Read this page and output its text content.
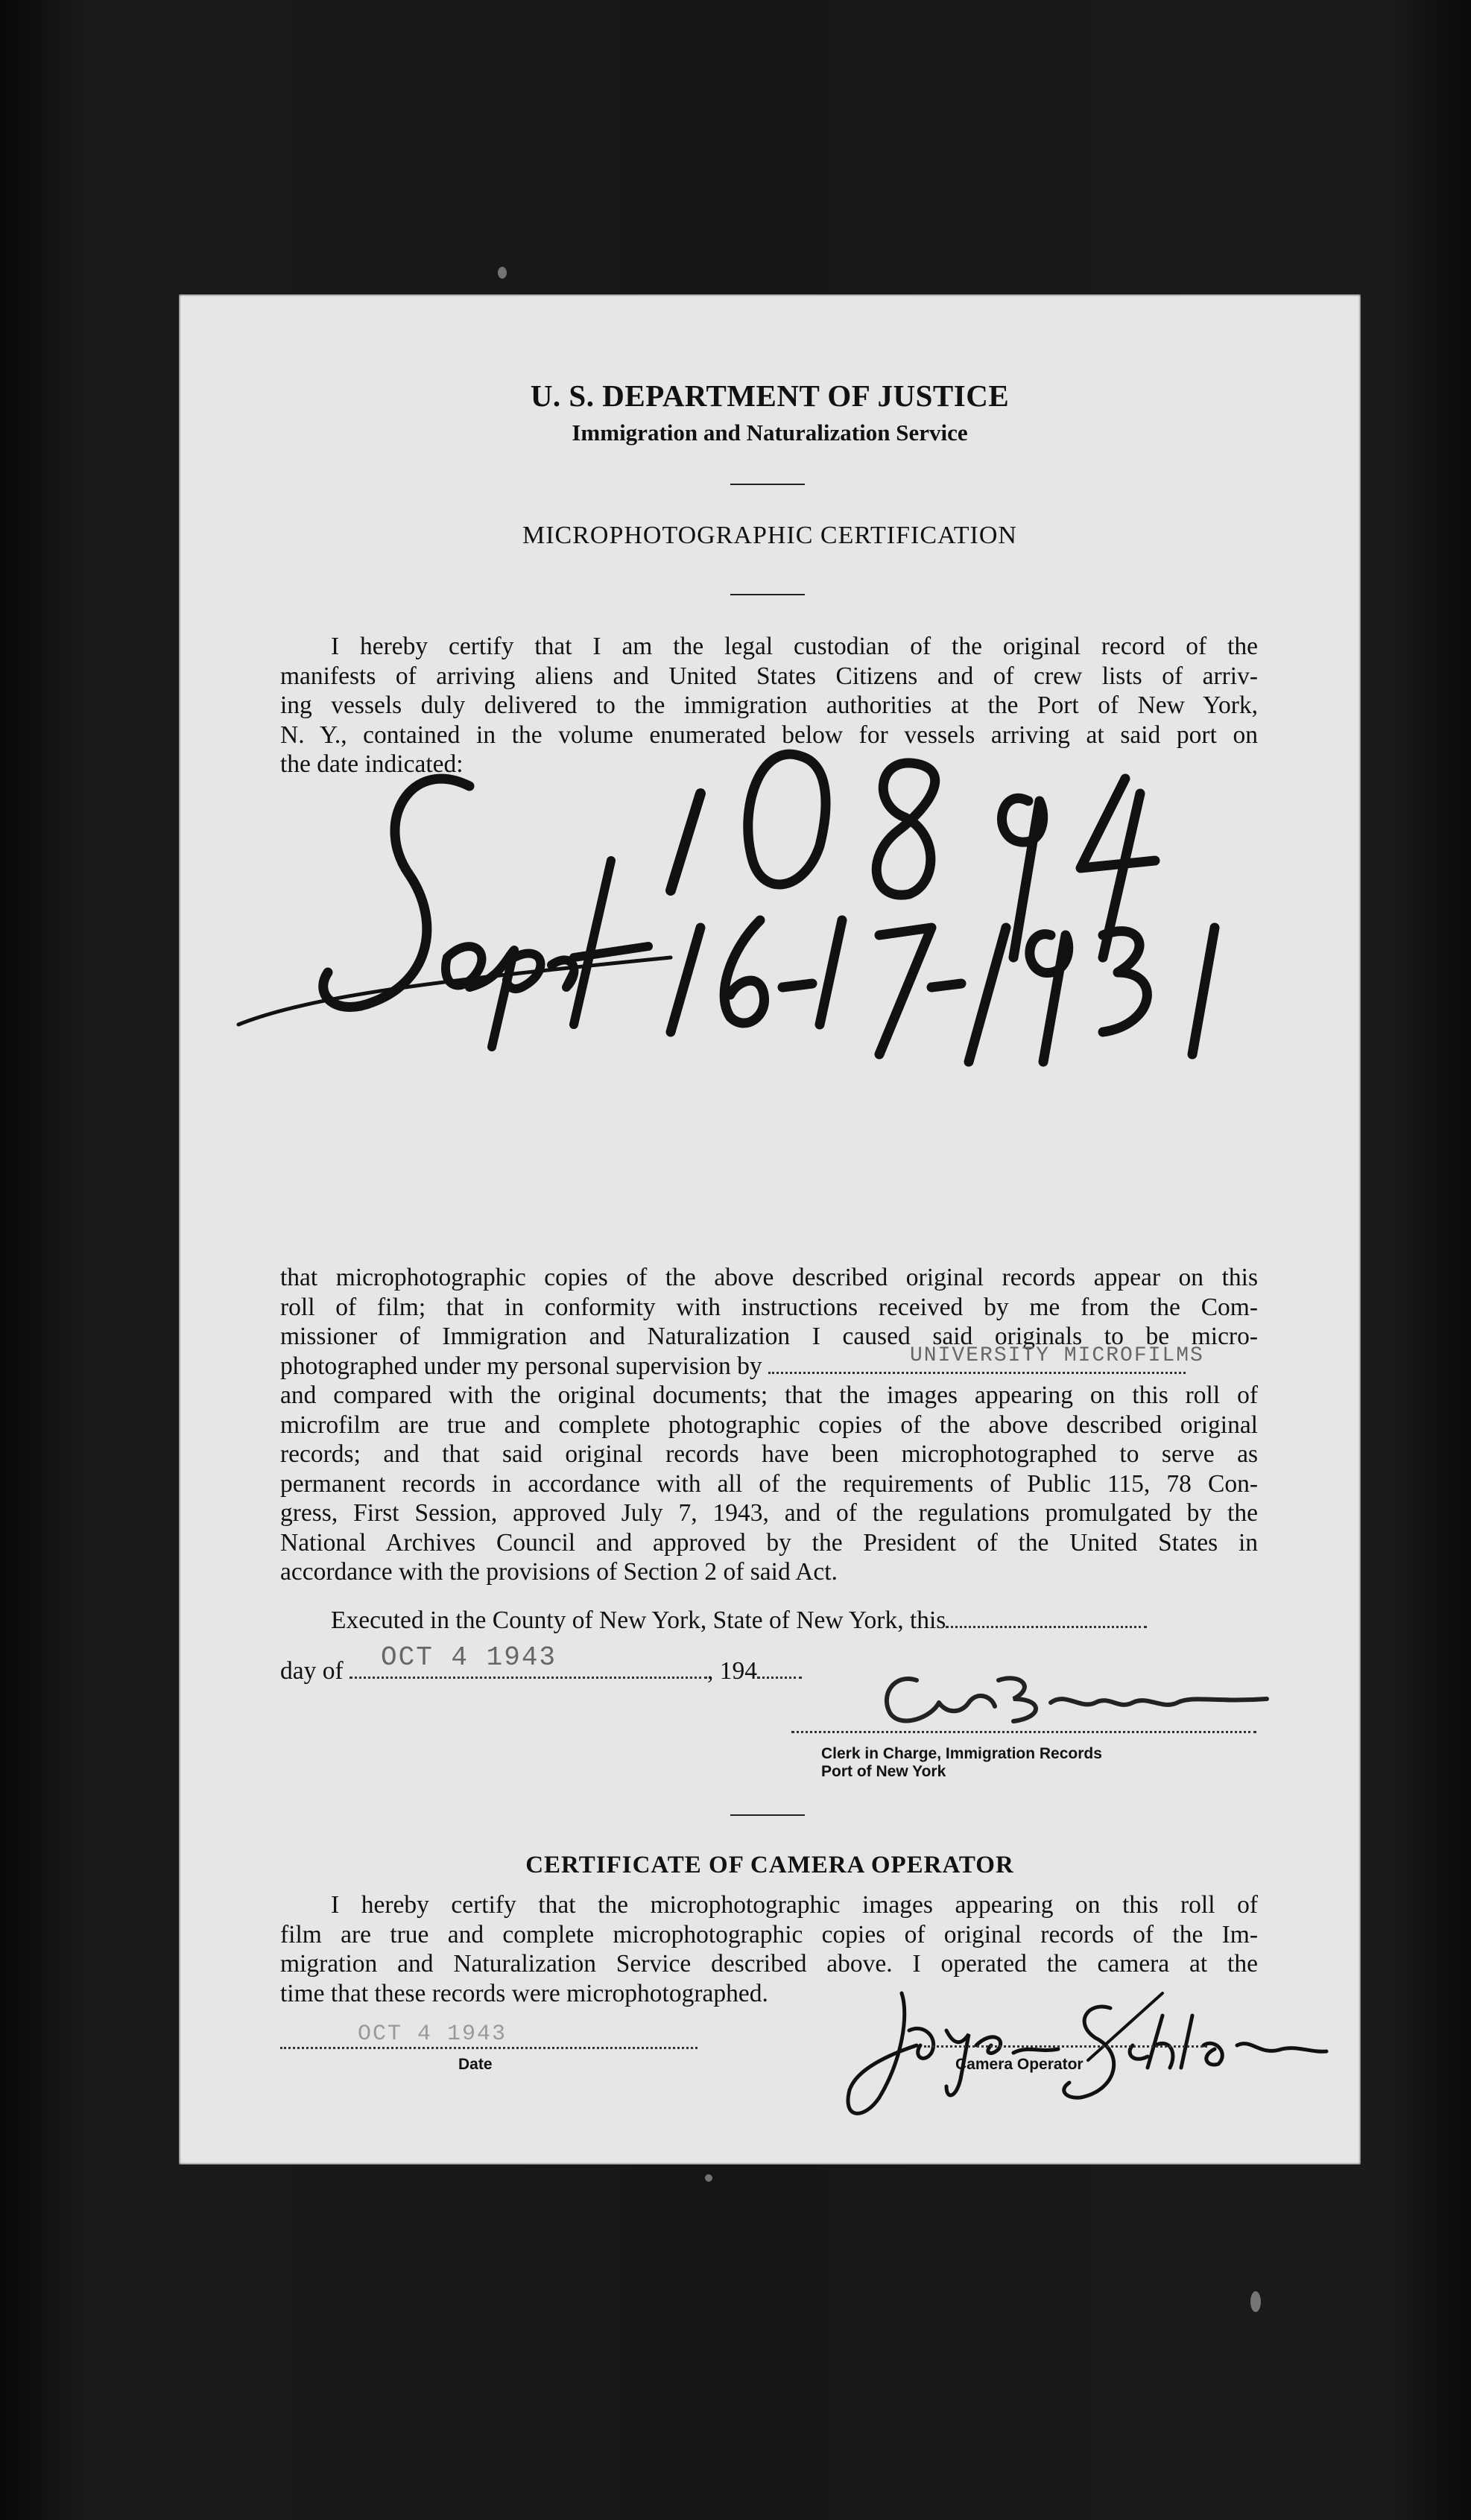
U. S. DEPARTMENT OF JUSTICE
Immigration and Naturalization Service
MICROPHOTOGRAPHIC CERTIFICATION
I hereby certify that I am the legal custodian of the original record of the
manifests of arriving aliens and United States Citizens and of crew lists of arriv-
ing vessels duly delivered to the immigration authorities at the Port of New York,
N. Y., contained in the volume enumerated below for vessels arriving at said port on
the date indicated:
that microphotographic copies of the above described original records appear on this
roll of film; that in conformity with instructions received by me from the Com-
missioner of Immigration and Naturalization I caused said originals to be micro-
photographed under my personal supervision by	UNIVERSITY MICROFILMS
and compared with the original documents; that the images appearing on this roll of
microfilm are true and complete photographic copies of the above described original
records; and that said original records have been microphotographed to serve as
permanent records in accordance with all of the requirements of Public 115, 78 Con-
gress, First Session, approved July 7, 1943, and of the regulations promulgated by the
National Archives Council and approved by the President of the United States in
accordance with the provisions of Section 2 of said Act.
Executed in the County of New York, State of New York, this
day of	, 194
OCT 4 1943
Clerk in Charge, Immigration Records
Port of New York
CERTIFICATE OF CAMERA OPERATOR
I hereby certify that the microphotographic images appearing on this roll of
film are true and complete microphotographic copies of original records of the Im-
migration and Naturalization Service described above. I operated the camera at the
time that these records were microphotographed.
OCT 4 1943
Date	Camera Operator
